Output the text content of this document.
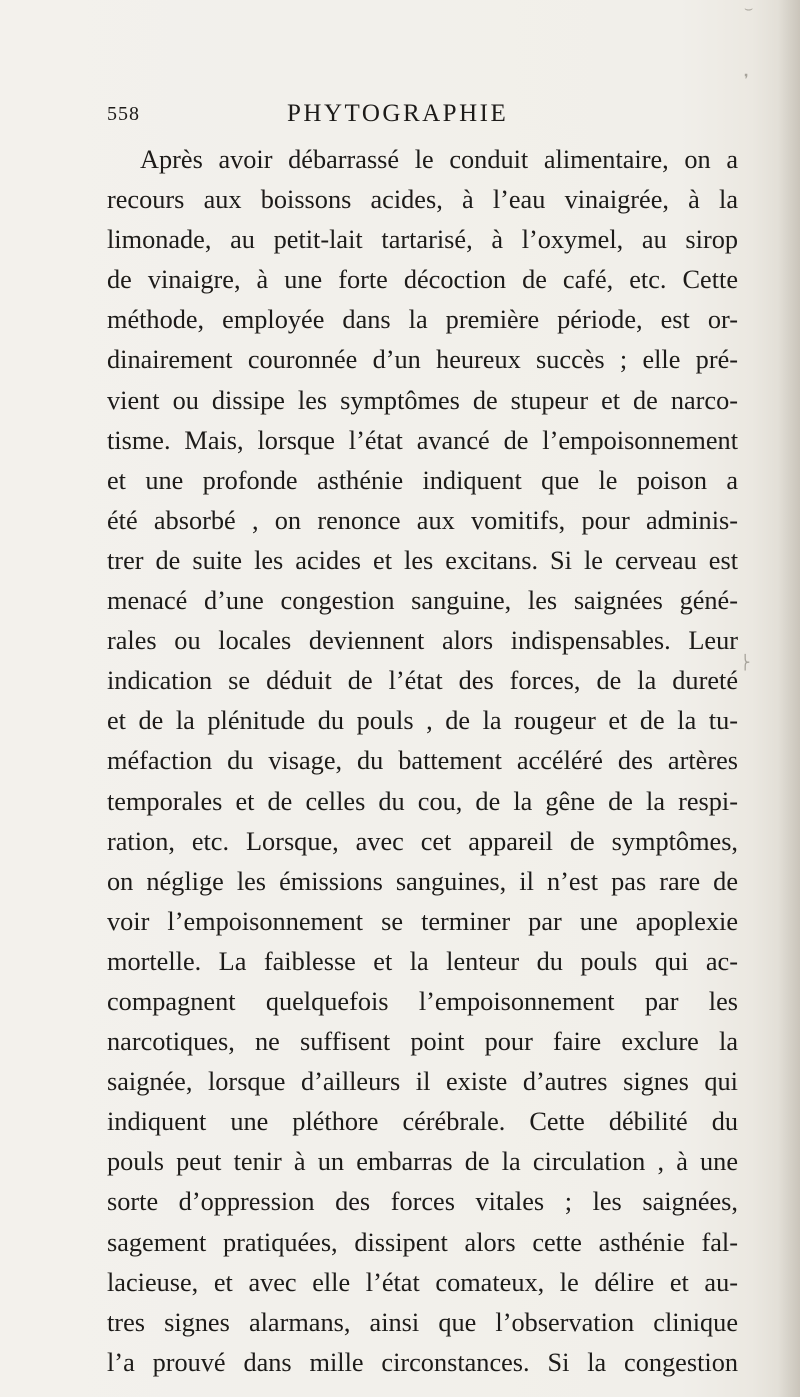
⌣
❜
⎬
558	PHYTOGRAPHIE
Après avoir débarrassé le conduit alimentaire, on a
recours aux boissons acides, à l’eau vinaigrée, à la
limonade, au petit-lait tartarisé, à l’oxymel, au sirop
de vinaigre, à une forte décoction de café, etc. Cette
méthode, employée dans la première période, est or-
dinairement couronnée d’un heureux succès ; elle pré-
vient ou dissipe les symptômes de stupeur et de narco-
tisme. Mais, lorsque l’état avancé de l’empoisonnement
et une profonde asthénie indiquent que le poison a
été absorbé , on renonce aux vomitifs, pour adminis-
trer de suite les acides et les excitans. Si le cerveau est
menacé d’une congestion sanguine, les saignées géné-
rales ou locales deviennent alors indispensables. Leur
indication se déduit de l’état des forces, de la dureté
et de la plénitude du pouls , de la rougeur et de la tu-
méfaction du visage, du battement accéléré des artères
temporales et de celles du cou, de la gêne de la respi-
ration, etc. Lorsque, avec cet appareil de symptômes,
on néglige les émissions sanguines, il n’est pas rare de
voir l’empoisonnement se terminer par une apoplexie
mortelle. La faiblesse et la lenteur du pouls qui ac-
compagnent quelquefois l’empoisonnement par les
narcotiques, ne suffisent point pour faire exclure la
saignée, lorsque d’ailleurs il existe d’autres signes qui
indiquent une pléthore cérébrale. Cette débilité du
pouls peut tenir à un embarras de la circulation , à une
sorte d’oppression des forces vitales ; les saignées,
sagement pratiquées, dissipent alors cette asthénie fal-
lacieuse, et avec elle l’état comateux, le délire et au-
tres signes alarmans, ainsi que l’observation clinique
l’a prouvé dans mille circonstances. Si la congestion
